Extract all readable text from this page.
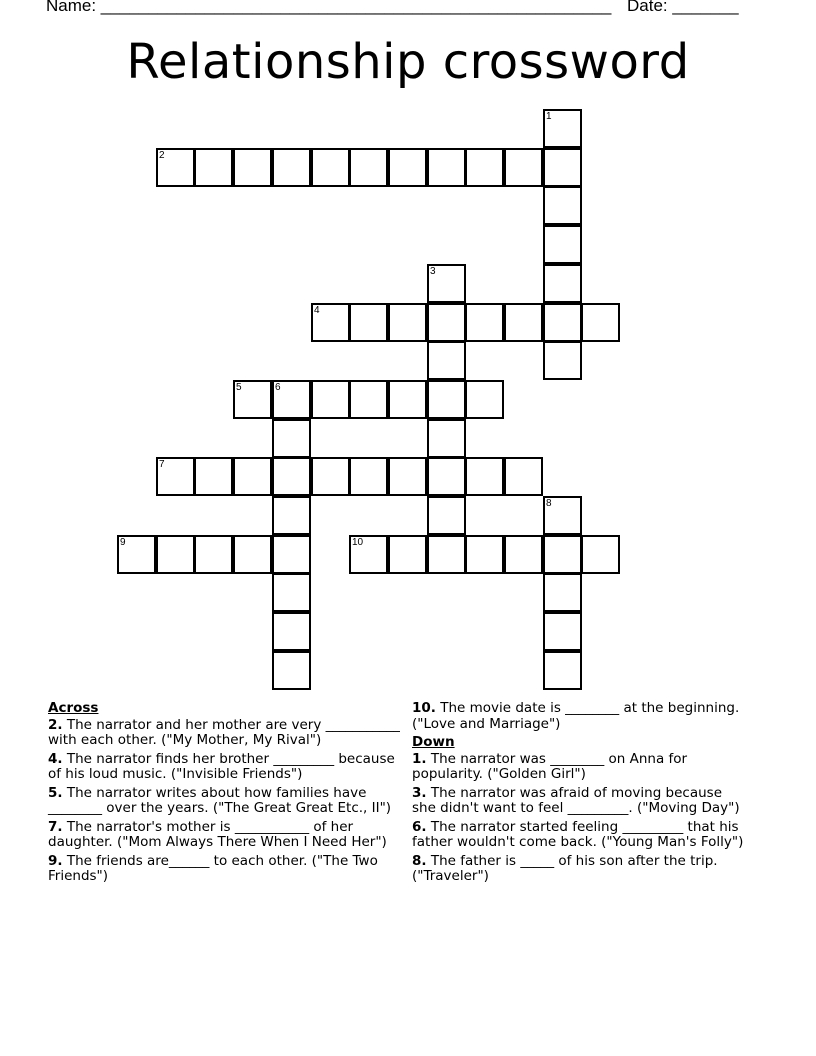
Name: ______________________________________________________ Date: _______
Relationship crossword
1
2
3
4
5	6
7
8
9	10
Across
2. The narrator and her mother are very ___________ with each other. ("My Mother, My Rival")
4. The narrator finds her brother _________ because of his loud music. ("Invisible Friends")
5. The narrator writes about how families have ________ over the years. ("The Great Great Etc., II")
7. The narrator's mother is ___________ of her daughter. ("Mom Always There When I Need Her")
9. The friends are______ to each other. ("The Two Friends")
10. The movie date is ________ at the beginning. ("Love and Marriage")
Down
1. The narrator was ________ on Anna for popularity. ("Golden Girl")
3. The narrator was afraid of moving because she didn't want to feel _________. ("Moving Day")
6. The narrator started feeling _________ that his father wouldn't come back. ("Young Man's Folly")
8. The father is _____ of his son after the trip. ("Traveler")
